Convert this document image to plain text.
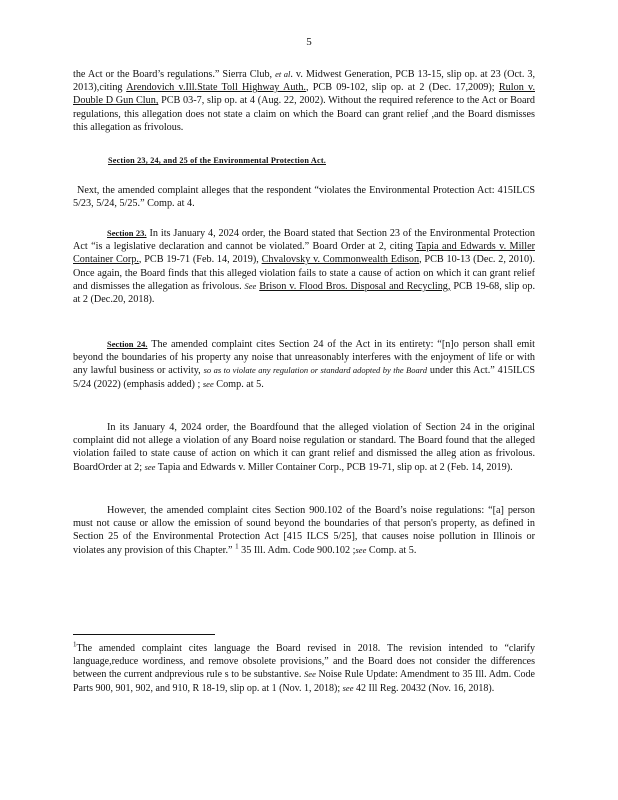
5

the Act or the Board’s regulations.” Sierra Club, et al. v. Midwest Generation, PCB 13-15, slip op. at 23 (Oct. 3, 2013),citing Arendovich v.Ill.State Toll Highway Auth., PCB 09-102, slip op. at 2 (Dec. 17,2009); Rulon v. Double D Gun Clun, PCB 03-7, slip op. at 4 (Aug. 22, 2002). Without the required reference to the Act or Board regulations, this allegation does not state a claim on which the Board can grant relief ,and the Board dismisses this allegation as frivolous.

Section 23, 24, and 25 of the Environmental Protection Act.

Next, the amended complaint alleges that the respondent “violates the Environmental Protection Act: 415ILCS 5/23, 5/24, 5/25.” Comp. at 4.

Section 23. In its January 4, 2024 order, the Board stated that Section 23 of the Environmental Protection Act “is a legislative declaration and cannot be violated.” Board Order at 2, citing Tapia and Edwards v. Miller Container Corp., PCB 19-71 (Feb. 14, 2019), Chvalovsky v. Commonwealth Edison, PCB 10-13 (Dec. 2, 2010). Once again, the Board finds that this alleged violation fails to state a cause of action on which it can grant relief and dismisses the allegation as frivolous. See Brison v. Flood Bros. Disposal and Recycling, PCB 19-68, slip op. at 2 (Dec.20, 2018).

Section 24. The amended complaint cites Section 24 of the Act in its entirety: “[n]o person shall emit beyond the boundaries of his property any noise that unreasonably interferes with the enjoyment of life or with any lawful business or activity, so as to violate any regulation or standard adopted by the Board under this Act.” 415ILCS 5/24 (2022) (emphasis added) ; see Comp. at 5.

In its January 4, 2024 order, the Boardfound that the alleged violation of Section 24 in the original complaint did not allege a violation of any Board noise regulation or standard. The Board found that the alleged violation failed to state cause of action on which it can grant relief and dismissed the alleg ation as frivolous. BoardOrder at 2; see Tapia and Edwards v. Miller Container Corp., PCB 19-71, slip op. at 2 (Feb. 14, 2019).

However, the amended complaint cites Section 900.102 of the Board’s noise regulations: “[a] person must not cause or allow the emission of sound beyond the boundaries of that person's property, as defined in Section 25 of the Environmental Protection Act [415 ILCS 5/25], that causes noise pollution in Illinois or violates any provision of this Chapter.” $^1$ 35 Ill. Adm. Code 900.102 ;see Comp. at 5.

$^1$The amended complaint cites language the Board revised in 2018. The revision intended to “clarify language,reduce wordiness, and remove obsolete provisions,” and the Board does not consider the differences between the current andprevious rule s to be substantive. See Noise Rule Update: Amendment to 35 Ill. Adm. Code Parts 900, 901, 902, and 910, R 18-19, slip op. at 1 (Nov. 1, 2018); see 42 Ill Reg. 20432 (Nov. 16, 2018).
